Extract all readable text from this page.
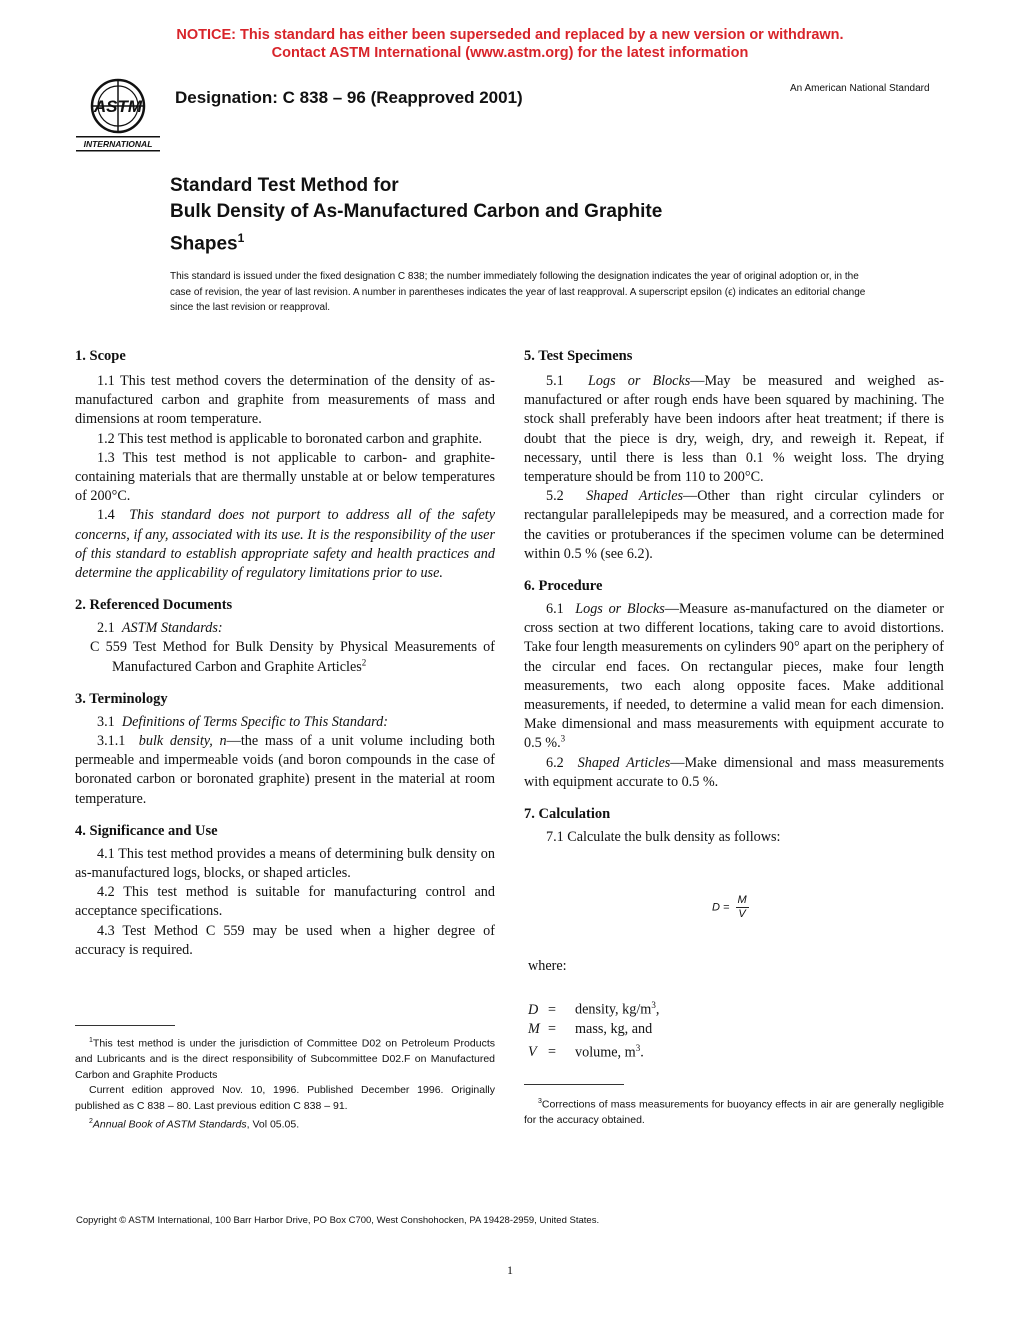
NOTICE: This standard has either been superseded and replaced by a new version or withdrawn.
Contact ASTM International (www.astm.org) for the latest information
ASTM
INTERNATIONAL
Designation: C 838 – 96 (Reapproved 2001)	An American National Standard
Standard Test Method for
Bulk Density of As-Manufactured Carbon and Graphite
Shapes$^1$
This standard is issued under the fixed designation C 838; the number immediately following the designation indicates the year of original adoption or, in the case of revision, the year of last revision. A number in parentheses indicates the year of last reapproval. A superscript epsilon (ϵ) indicates an editorial change since the last revision or reapproval.
1. Scope

1.1 This test method covers the determination of the density of as-manufactured carbon and graphite from measurements of mass and dimensions at room temperature.

1.2 This test method is applicable to boronated carbon and graphite.

1.3 This test method is not applicable to carbon- and graphite-containing materials that are thermally unstable at or below temperatures of 200°C.

1.4 This standard does not purport to address all of the safety concerns, if any, associated with its use. It is the responsibility of the user of this standard to establish appropriate safety and health practices and determine the applicability of regulatory limitations prior to use.

2. Referenced Documents

2.1 ASTM Standards:

C 559 Test Method for Bulk Density by Physical Measurements of Manufactured Carbon and Graphite Articles$^2$

3. Terminology

3.1 Definitions of Terms Specific to This Standard:

3.1.1 bulk density, n—the mass of a unit volume including both permeable and impermeable voids (and boron compounds in the case of boronated carbon or boronated graphite) present in the material at room temperature.

4. Significance and Use

4.1 This test method provides a means of determining bulk density on as-manufactured logs, blocks, or shaped articles.

4.2 This test method is suitable for manufacturing control and acceptance specifications.

4.3 Test Method C 559 may be used when a higher degree of accuracy is required.

$^1$This test method is under the jurisdiction of Committee D02 on Petroleum Products and Lubricants and is the direct responsibility of Subcommittee D02.F on Manufactured Carbon and Graphite Products

Current edition approved Nov. 10, 1996. Published December 1996. Originally published as C 838 – 80. Last previous edition C 838 – 91.

$^2$Annual Book of ASTM Standards, Vol 05.05.

5. Test Specimens

5.1 Logs or Blocks—May be measured and weighed as-manufactured or after rough ends have been squared by machining. The stock shall preferably have been indoors after heat treatment; if there is doubt that the piece is dry, weigh, dry, and reweigh it. Repeat, if necessary, until there is less than 0.1 % weight loss. The drying temperature should be from 110 to 200°C.

5.2 Shaped Articles—Other than right circular cylinders or rectangular parallelepipeds may be measured, and a correction made for the cavities or protuberances if the specimen volume can be determined within 0.5 % (see 6.2).

6. Procedure

6.1 Logs or Blocks—Measure as-manufactured on the diameter or cross section at two different locations, taking care to avoid distortions. Take four length measurements on cylinders 90° apart on the periphery of the circular end faces. On rectangular pieces, make four length measurements, two each along opposite faces. Make additional measurements, if needed, to determine a valid mean for each dimension. Make dimensional and mass measurements with equipment accurate to 0.5 %.$^3$

6.2 Shaped Articles—Make dimensional and mass measurements with equipment accurate to 0.5 %.

7. Calculation

7.1 Calculate the bulk density as follows:

$D = \frac{M}{V}$
where:
D = density, $kg/m^3$,
M = mass, kg, and
V = volume, $m^3$.

$^3$Corrections of mass measurements for buoyancy effects in air are generally negligible for the accuracy obtained.

Copyright © ASTM International, 100 Barr Harbor Drive, PO Box C700, West Conshohocken, PA 19428-2959, United States.
1
